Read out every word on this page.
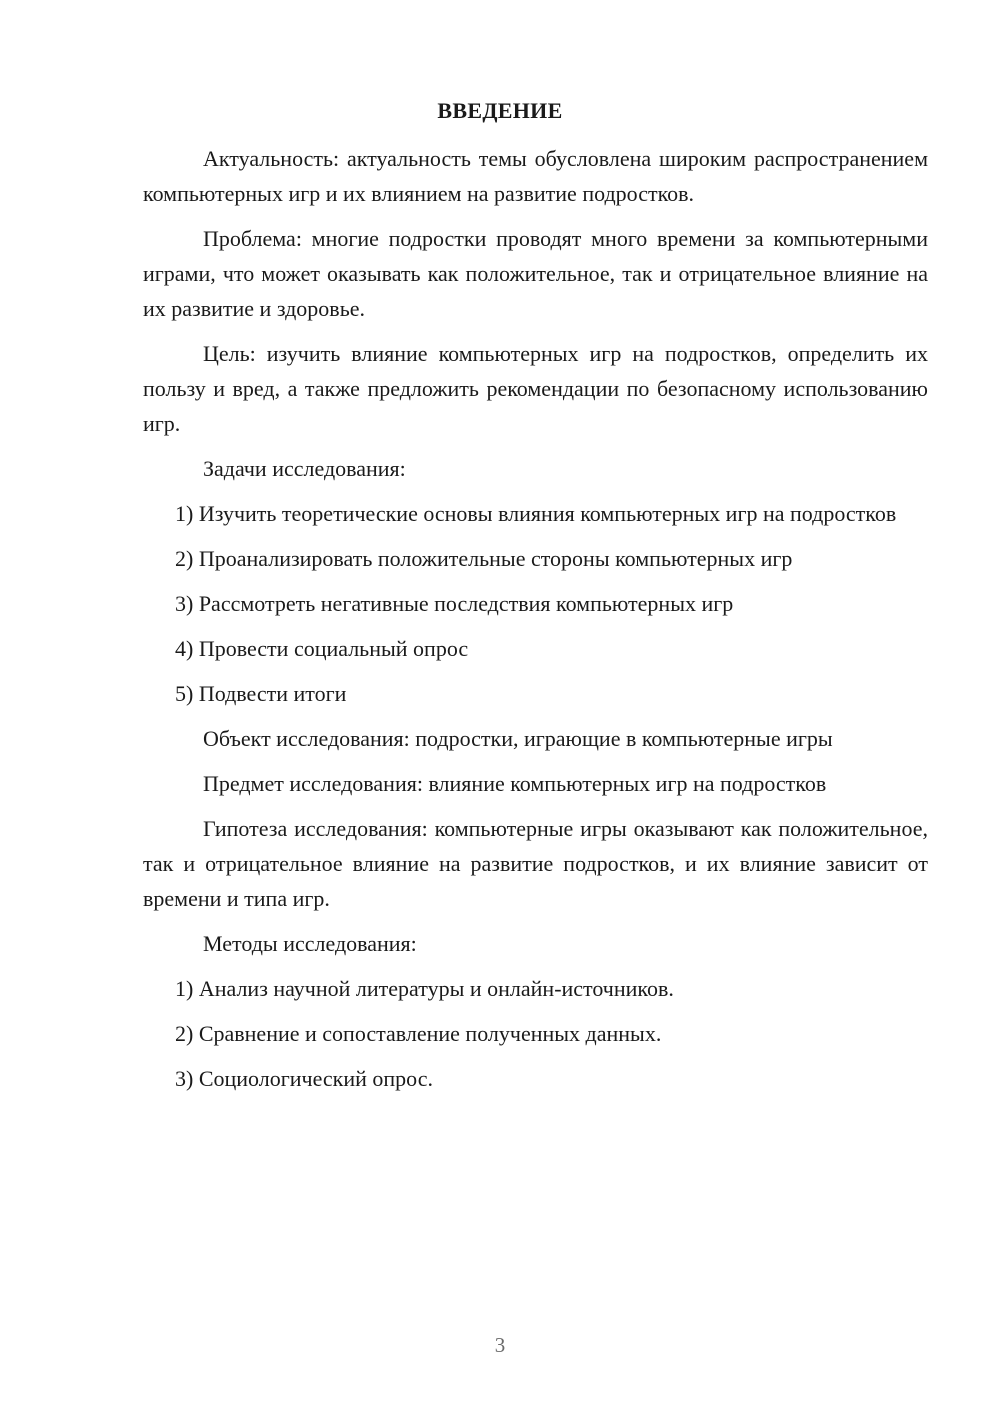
ВВЕДЕНИЕ

Актуальность: актуальность темы обусловлена широким распространением компьютерных игр и их влиянием на развитие подростков.

Проблема: многие подростки проводят много времени за компьютерными играми, что может оказывать как положительное, так и отрицательное влияние на их развитие и здоровье.

Цель: изучить влияние компьютерных игр на подростков, определить их пользу и вред, а также предложить рекомендации по безопасному использованию игр.

Задачи исследования:

1) Изучить теоретические основы влияния компьютерных игр на подростков

2) Проанализировать положительные стороны компьютерных игр

3) Рассмотреть негативные последствия компьютерных игр

4) Провести социальный опрос

5) Подвести итоги

Объект исследования: подростки, играющие в компьютерные игры

Предмет исследования: влияние компьютерных игр на подростков

Гипотеза исследования: компьютерные игры оказывают как положительное, так и отрицательное влияние на развитие подростков, и их влияние зависит от времени и типа игр.

Методы исследования:

1) Анализ научной литературы и онлайн-источников.

2) Сравнение и сопоставление полученных данных.

3) Социологический опрос.

3
